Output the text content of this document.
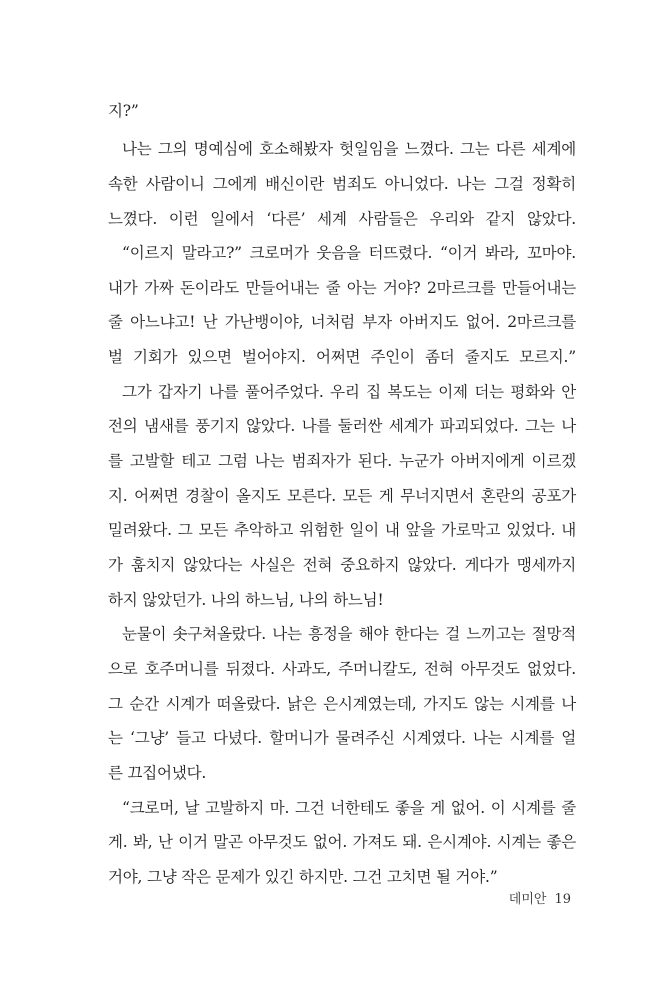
지?”
나는 그의 명예심에 호소해봤자 헛일임을 느꼈다. 그는 다른 세계에
속한 사람이니 그에게 배신이란 범죄도 아니었다. 나는 그걸 정확히
느꼈다. 이런 일에서 ‘다른’ 세계 사람들은 우리와 같지 않았다.
“이르지 말라고?” 크로머가 웃음을 터뜨렸다. “이거 봐라, 꼬마야.
내가 가짜 돈이라도 만들어내는 줄 아는 거야? 2마르크를 만들어내는
줄 아느냐고! 난 가난뱅이야, 너처럼 부자 아버지도 없어. 2마르크를
벌 기회가 있으면 벌어야지. 어쩌면 주인이 좀더 줄지도 모르지.”
그가 갑자기 나를 풀어주었다. 우리 집 복도는 이제 더는 평화와 안
전의 냄새를 풍기지 않았다. 나를 둘러싼 세계가 파괴되었다. 그는 나
를 고발할 테고 그럼 나는 범죄자가 된다. 누군가 아버지에게 이르겠
지. 어쩌면 경찰이 올지도 모른다. 모든 게 무너지면서 혼란의 공포가
밀려왔다. 그 모든 추악하고 위험한 일이 내 앞을 가로막고 있었다. 내
가 훔치지 않았다는 사실은 전혀 중요하지 않았다. 게다가 맹세까지
하지 않았던가. 나의 하느님, 나의 하느님!
눈물이 솟구쳐올랐다. 나는 흥정을 해야 한다는 걸 느끼고는 절망적
으로 호주머니를 뒤졌다. 사과도, 주머니칼도, 전혀 아무것도 없었다.
그 순간 시계가 떠올랐다. 낡은 은시계였는데, 가지도 않는 시계를 나
는 ‘그냥’ 들고 다녔다. 할머니가 물려주신 시계였다. 나는 시계를 얼
른 끄집어냈다.
“크로머, 날 고발하지 마. 그건 너한테도 좋을 게 없어. 이 시계를 줄
게. 봐, 난 이거 말곤 아무것도 없어. 가져도 돼. 은시계야. 시계는 좋은
거야, 그냥 작은 문제가 있긴 하지만. 그건 고치면 될 거야.”
데미안 19
